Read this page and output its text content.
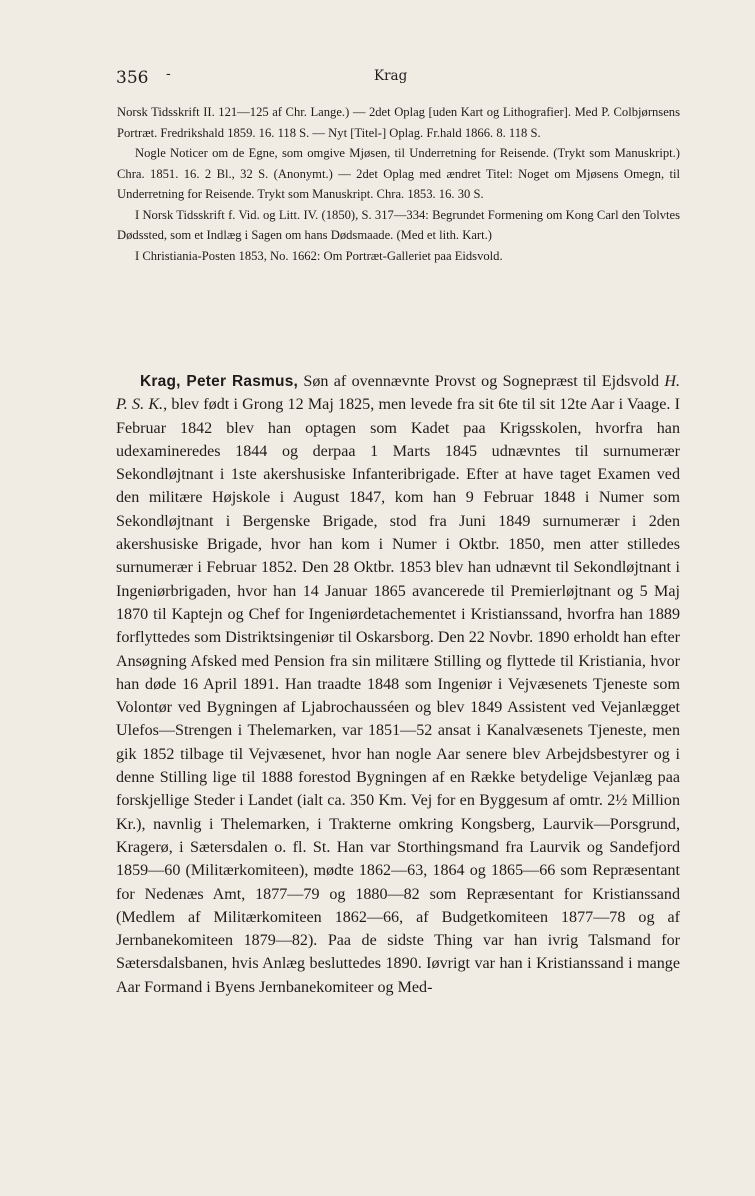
356 -	Krag

Norsk Tidsskrift II. 121—125 af Chr. Lange.) — 2det Oplag [uden Kart og Lithografier]. Med P. Colbjørnsens Portræt. Fredrikshald 1859. 16. 118 S. — Nyt [Titel-] Oplag. Fr.hald 1866. 8. 118 S.

Nogle Noticer om de Egne, som omgive Mjøsen, til Underretning for Reisende. (Trykt som Manuskript.) Chra. 1851. 16. 2 Bl., 32 S. (Anonymt.) — 2det Oplag med ændret Titel: Noget om Mjøsens Omegn, til Underretning for Reisende. Trykt som Manuskript. Chra. 1853. 16. 30 S.

I Norsk Tidsskrift f. Vid. og Litt. IV. (1850), S. 317—334: Begrundet Formening om Kong Carl den Tolvtes Dødssted, som et Indlæg i Sagen om hans Dødsmaade. (Med et lith. Kart.)

I Christiania-Posten 1853, No. 1662: Om Portræt-Galleriet paa Eidsvold.

Krag, Peter Rasmus, Søn af ovennævnte Provst og Sognepræst til Ejdsvold H. P. S. K., blev født i Grong 12 Maj 1825, men levede fra sit 6te til sit 12te Aar i Vaage. I Februar 1842 blev han optagen som Kadet paa Krigsskolen, hvorfra han udexamineredes 1844 og derpaa 1 Marts 1845 udnævntes til surnumerær Sekondløjtnant i 1ste akershusiske Infanteribrigade. Efter at have taget Examen ved den militære Højskole i August 1847, kom han 9 Februar 1848 i Numer som Sekondløjtnant i Bergenske Brigade, stod fra Juni 1849 surnumerær i 2den akershusiske Brigade, hvor han kom i Numer i Oktbr. 1850, men atter stilledes surnumerær i Februar 1852. Den 28 Oktbr. 1853 blev han udnævnt til Sekondløjtnant i Ingeniørbrigaden, hvor han 14 Januar 1865 avancerede til Premierløjtnant og 5 Maj 1870 til Kaptejn og Chef for Ingeniørdetachementet i Kristianssand, hvorfra han 1889 forflyttedes som Distriktsingeniør til Oskarsborg. Den 22 Novbr. 1890 erholdt han efter Ansøgning Afsked med Pension fra sin militære Stilling og flyttede til Kristiania, hvor han døde 16 April 1891. Han traadte 1848 som Ingeniør i Vejvæsenets Tjeneste som Volontør ved Bygningen af Ljabrochausséen og blev 1849 Assistent ved Vejanlægget Ulefos—Strengen i Thelemarken, var 1851—52 ansat i Kanalvæsenets Tjeneste, men gik 1852 tilbage til Vejvæsenet, hvor han nogle Aar senere blev Arbejdsbestyrer og i denne Stilling lige til 1888 forestod Bygningen af en Række betydelige Vejanlæg paa forskjellige Steder i Landet (ialt ca. 350 Km. Vej for en Byggesum af omtr. 2½ Million Kr.), navnlig i Thelemarken, i Trakterne omkring Kongsberg, Laurvik—Porsgrund, Kragerø, i Sætersdalen o. fl. St. Han var Storthingsmand fra Laurvik og Sandefjord 1859—60 (Militærkomiteen), mødte 1862—63, 1864 og 1865—66 som Repræsentant for Nedenæs Amt, 1877—79 og 1880—82 som Repræsentant for Kristianssand (Medlem af Militærkomiteen 1862—66, af Budgetkomiteen 1877—78 og af Jernbanekomiteen 1879—82). Paa de sidste Thing var han ivrig Talsmand for Sætersdalsbanen, hvis Anlæg besluttedes 1890. Iøvrigt var han i Kristianssand i mange Aar Formand i Byens Jernbanekomiteer og Med-
